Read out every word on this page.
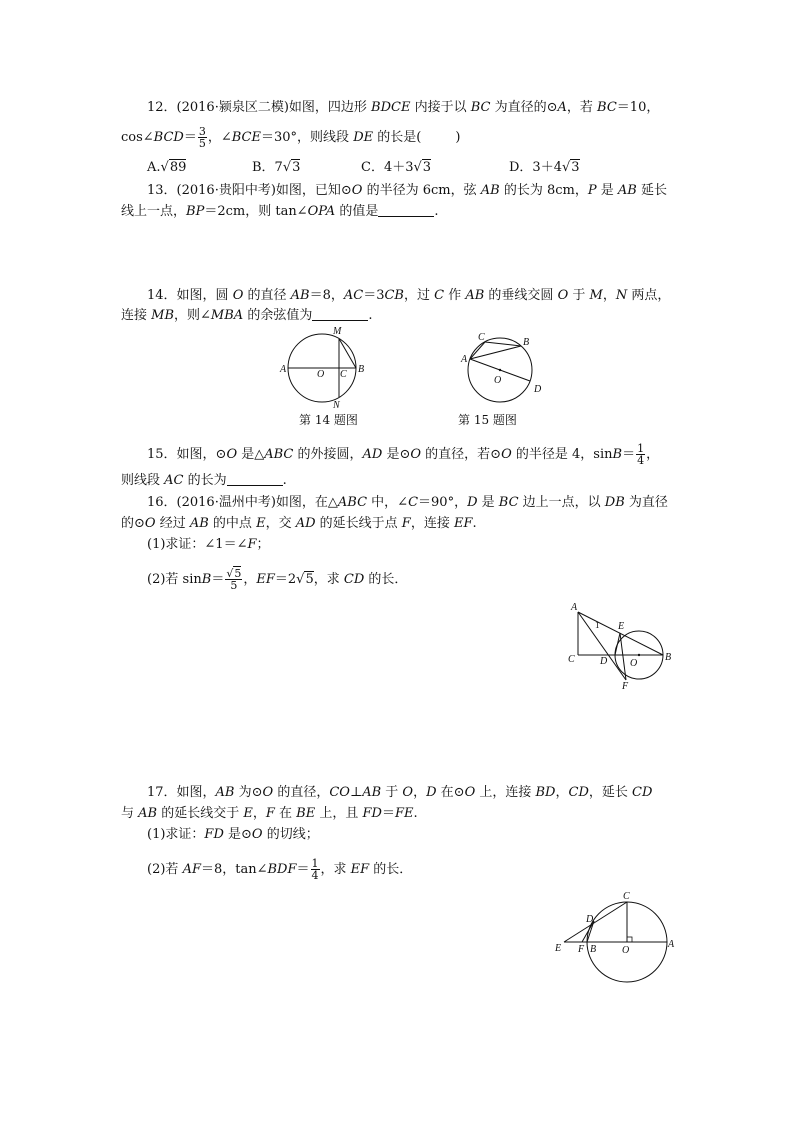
12．(2016·颍泉区二模)如图，四边形 BDCE 内接于以 BC 为直径的⊙A，若 BC＝10，
cos∠BCD＝ $\frac{3}{5}$ ，∠BCE＝30°，则线段 DE 的长是(	)
A.√89	B．7√3	C．4＋3√3	D．3＋4√3
13．(2016·贵阳中考)如图，已知⊙O 的半径为 6cm，弦 AB 的长为 8cm，P 是 AB 延长
线上一点，BP＝2cm，则 tan∠OPA 的值是	.
14．如图，圆 O 的直径 AB＝8，AC＝3CB，过 C 作 AB 的垂线交圆 O 于 M，N 两点，
连接 MB，则∠MBA 的余弦值为	.
M
A	O C B
N
第 14 题图
C	B
A
O
D
第 15 题图
15．如图，⊙O 是△ABC 的外接圆，AD 是⊙O 的直径，若⊙O 的半径是 4，$\sin B= \frac{1}{4}$ ，
则线段 AC 的长为	.
16．(2016·温州中考)如图，在△ABC 中，∠C＝90°，D 是 BC 边上一点，以 DB 为直径
的⊙O 经过 AB 的中点 E，交 AD 的延长线于点 F，连接 EF.
(1)求证：∠1＝∠F；
(2)若 $\sin B= \frac{√5}{5}$ ，EF＝2√5，求 CD 的长．
A
E
1
C	D O
B
F
17．如图，AB 为⊙O 的直径，CO⊥AB 于 O，D 在⊙O 上，连接 BD，CD，延长 CD
与 AB 的延长线交于 E，F 在 BE 上，且 FD＝FE.
(1)求证：FD 是⊙O 的切线；
(2)若 AF＝8，tan∠BDF＝ $\frac{1}{4}$ ，求 EF 的长．
C
D
E F B	O
A
